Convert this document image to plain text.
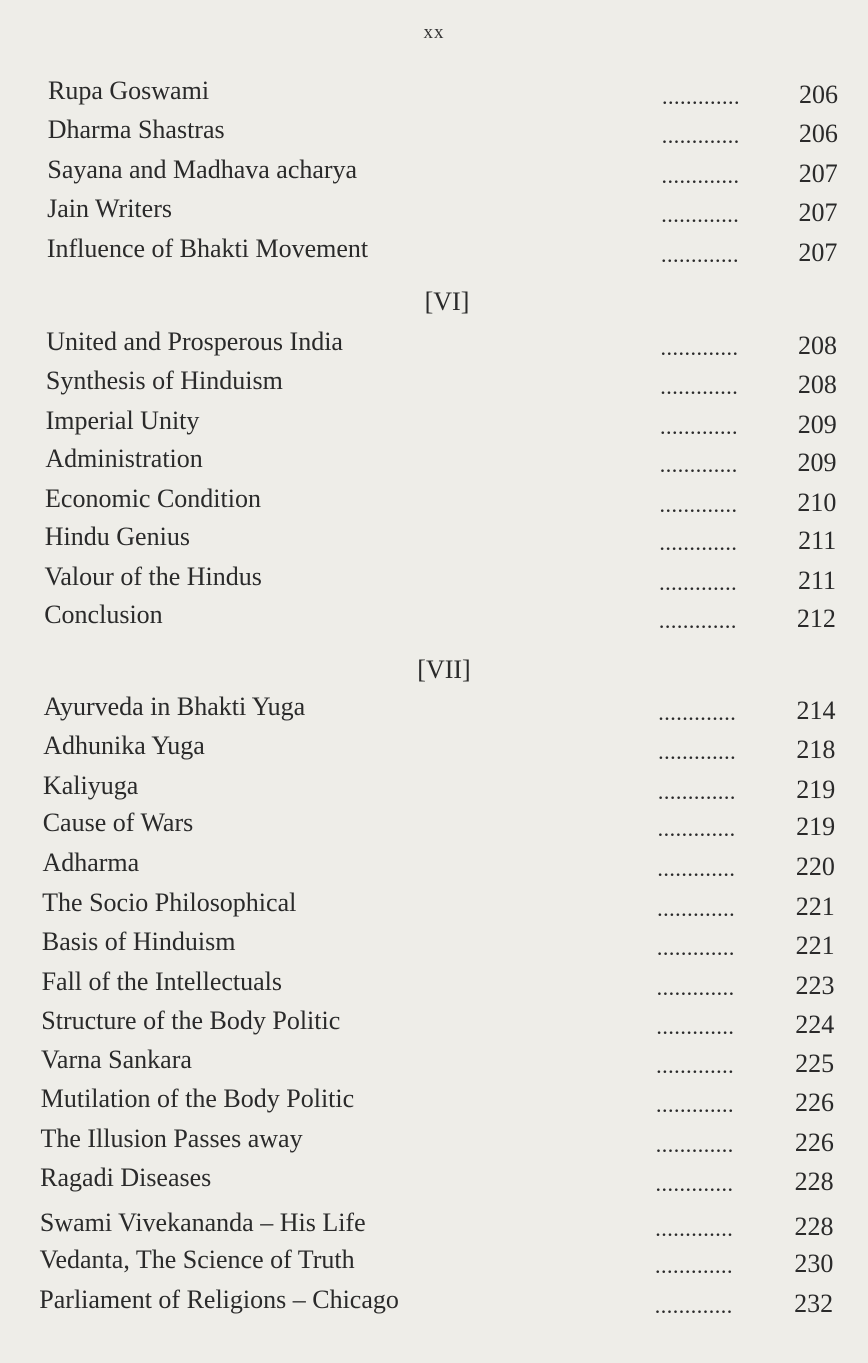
xx
Rupa Goswami	............. 206
Dharma Shastras	............. 206
Sayana and Madhava acharya	............. 207
Jain Writers	............. 207
Influence of Bhakti Movement	............. 207
[VI]
United and Prosperous India	............. 208
Synthesis of Hinduism	............. 208
Imperial Unity	............. 209
Administration	............. 209
Economic Condition	............. 210
Hindu Genius	............. 211
Valour of the Hindus	............. 211
Conclusion	............. 212
[VII]
Ayurveda in Bhakti Yuga	............. 214
Adhunika Yuga	............. 218
Kaliyuga	............. 219
Cause of Wars	............. 219
Adharma	............. 220
The Socio Philosophical	............. 221
Basis of Hinduism	............. 221
Fall of the Intellectuals	............. 223
Structure of the Body Politic	............. 224
Varna Sankara	............. 225
Mutilation of the Body Politic	............. 226
The Illusion Passes away	............. 226
Ragadi Diseases	............. 228
Swami Vivekananda – His Life	............. 228
Vedanta, The Science of Truth	............. 230
Parliament of Religions – Chicago	............. 232
